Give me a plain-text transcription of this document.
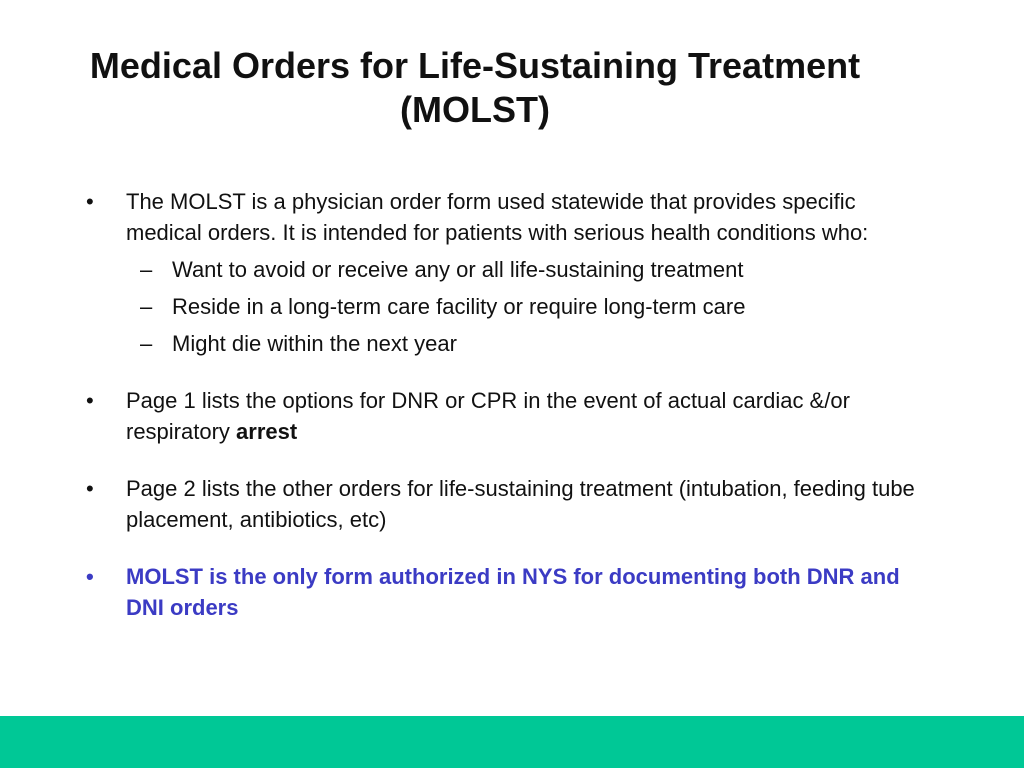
Medical Orders for Life-Sustaining Treatment
(MOLST)
• The MOLST is a physician order form used statewide that provides specific medical orders. It is intended for patients with serious health conditions who:
– Want to avoid or receive any or all life-sustaining treatment
– Reside in a long-term care facility or require long-term care
– Might die within the next year
• Page 1 lists the options for DNR or CPR in the event of actual cardiac &/or respiratory arrest
• Page 2 lists the other orders for life-sustaining treatment (intubation, feeding tube placement, antibiotics, etc)
• MOLST is the only form authorized in NYS for documenting both DNR and DNI orders
